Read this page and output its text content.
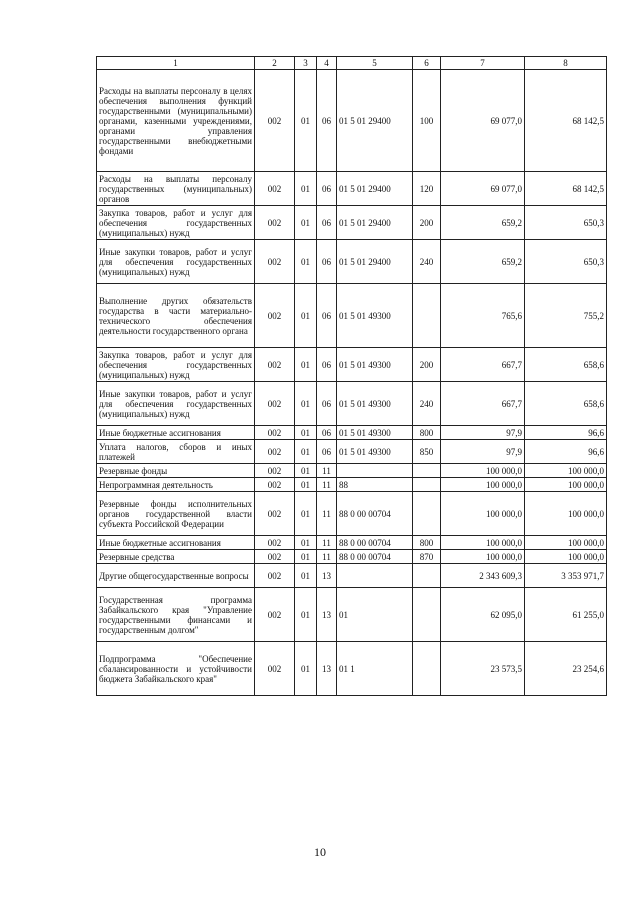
1	2	3	4	5	6	7	8
Расходы на выплаты персоналу в целях обеспечения выполнения функций государственными (муниципальными) органами, казенными учреждениями, органами управления государственными внебюджетными фондами	002	01	06	01 5 01 29400	100	69 077,0	68 142,5
Расходы на выплаты персоналу государственных (муниципальных) органов	002	01	06	01 5 01 29400	120	69 077,0	68 142,5
Закупка товаров, работ и услуг для обеспечения государственных (муниципальных) нужд	002	01	06	01 5 01 29400	200	659,2	650,3
Иные закупки товаров, работ и услуг для обеспечения государственных (муниципальных) нужд	002	01	06	01 5 01 29400	240	659,2	650,3
Выполнение других обязательств государства в части материально-технического обеспечения деятельности государственного органа	002	01	06	01 5 01 49300		765,6	755,2
Закупка товаров, работ и услуг для обеспечения государственных (муниципальных) нужд	002	01	06	01 5 01 49300	200	667,7	658,6
Иные закупки товаров, работ и услуг для обеспечения государственных (муниципальных) нужд	002	01	06	01 5 01 49300	240	667,7	658,6
Иные бюджетные ассигнования	002	01	06	01 5 01 49300	800	97,9	96,6
Уплата налогов, сборов и иных платежей	002	01	06	01 5 01 49300	850	97,9	96,6
Резервные фонды	002	01	11			100 000,0	100 000,0
Непрограммная деятельность	002	01	11	88		100 000,0	100 000,0
Резервные фонды исполнительных органов государственной власти субъекта Российской Федерации	002	01	11	88 0 00 00704		100 000,0	100 000,0
Иные бюджетные ассигнования	002	01	11	88 0 00 00704	800	100 000,0	100 000,0
Резервные средства	002	01	11	88 0 00 00704	870	100 000,0	100 000,0
Другие общегосударственные вопросы	002	01	13			2 343 609,3	3 353 971,7
Государственная программа Забайкальского края "Управление государственными финансами и государственным долгом"	002	01	13	01		62 095,0	61 255,0
Подпрограмма "Обеспечение сбалансированности и устойчивости бюджета Забайкальского края"	002	01	13	01 1		23 573,5	23 254,6
10
